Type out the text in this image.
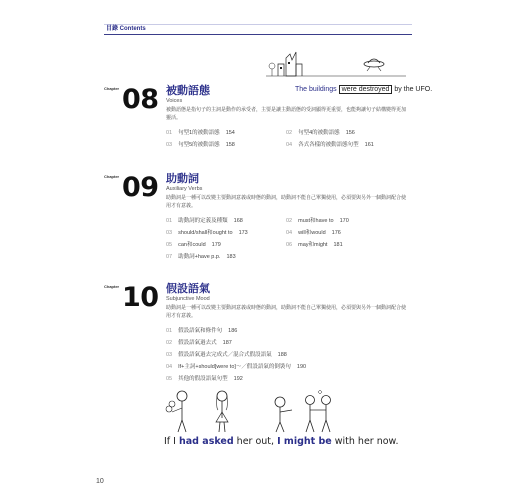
目錄 Contents
The buildings were destroyed by the UFO.
Chapter 08 被動語態
Voices
被動語態是指句子的主詞是動作的承受者，主要是讓主動語態的受詞顯得更重要，也能夠讓句子結構變得更加靈活。
01 句型1的被動語態 154	02 句型4的被動語態 156
03 句型5的被動語態 158	04 各式各樣的被動語態句型 161
Chapter 09 助動詞
Auxiliary Verbs
助動詞是一種可以改變主要動詞意義或時態的動詞，助動詞不能自己單獨使用，必須要與另外一個動詞配合使用才有意義。
01 助動詞的定義及種類 168	02 must和have to 170
03 should/shall和ought to 173	04 will和would 176
05 can和could 179	06 may和might 181
07 助動詞+have p.p. 183
Chapter 10 假設語氣
Subjunctive Mood
助動詞是一種可以改變主要動詞意義或時態的動詞，助動詞不能自己單獨使用，必須要與另外一個動詞配合使用才有意義。
01 假設語氣和條件句 186
02 假設語氣過去式 187
03 假設語氣過去完成式／混合式假設語氣 188
04 If+主詞+should[were to]～／假設語氣的倒裝句 190
05 其他的假設語氣句型 192
If I had asked her out, I might be with her now.
10
